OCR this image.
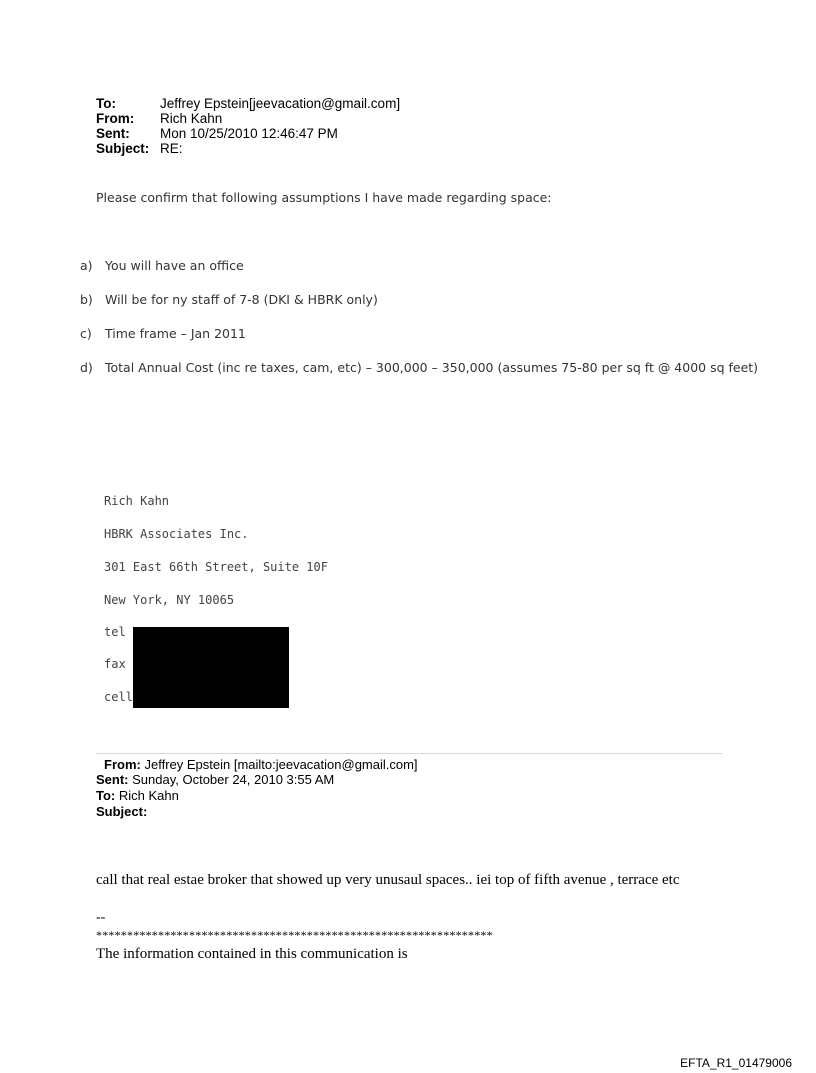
To:	Jeffrey Epstein[jeevacation@gmail.com]
From: Rich Kahn
Sent: Mon 10/25/2010 12:46:47 PM
Subject: RE:
Please confirm that following assumptions I have made regarding space:
a) You will have an office
b) Will be for ny staff of 7-8 (DKI & HBRK only)
c) Time frame – Jan 2011
d) Total Annual Cost (inc re taxes, cam, etc) – 300,000 – 350,000 (assumes 75-80 per sq ft @ 4000 sq feet)
Rich Kahn
HBRK Associates Inc.
301 East 66th Street, Suite 10F
New York, NY 10065
tel
fax
cell
From: Jeffrey Epstein [mailto:jeevacation@gmail.com]
Sent: Sunday, October 24, 2010 3:55 AM
To: Rich Kahn
Subject:
call that real estae broker that showed up very unusaul spaces.. iei top of fifth avenue , terrace etc
--
****************************************************************
The information contained in this communication is
EFTA_R1_01479006
